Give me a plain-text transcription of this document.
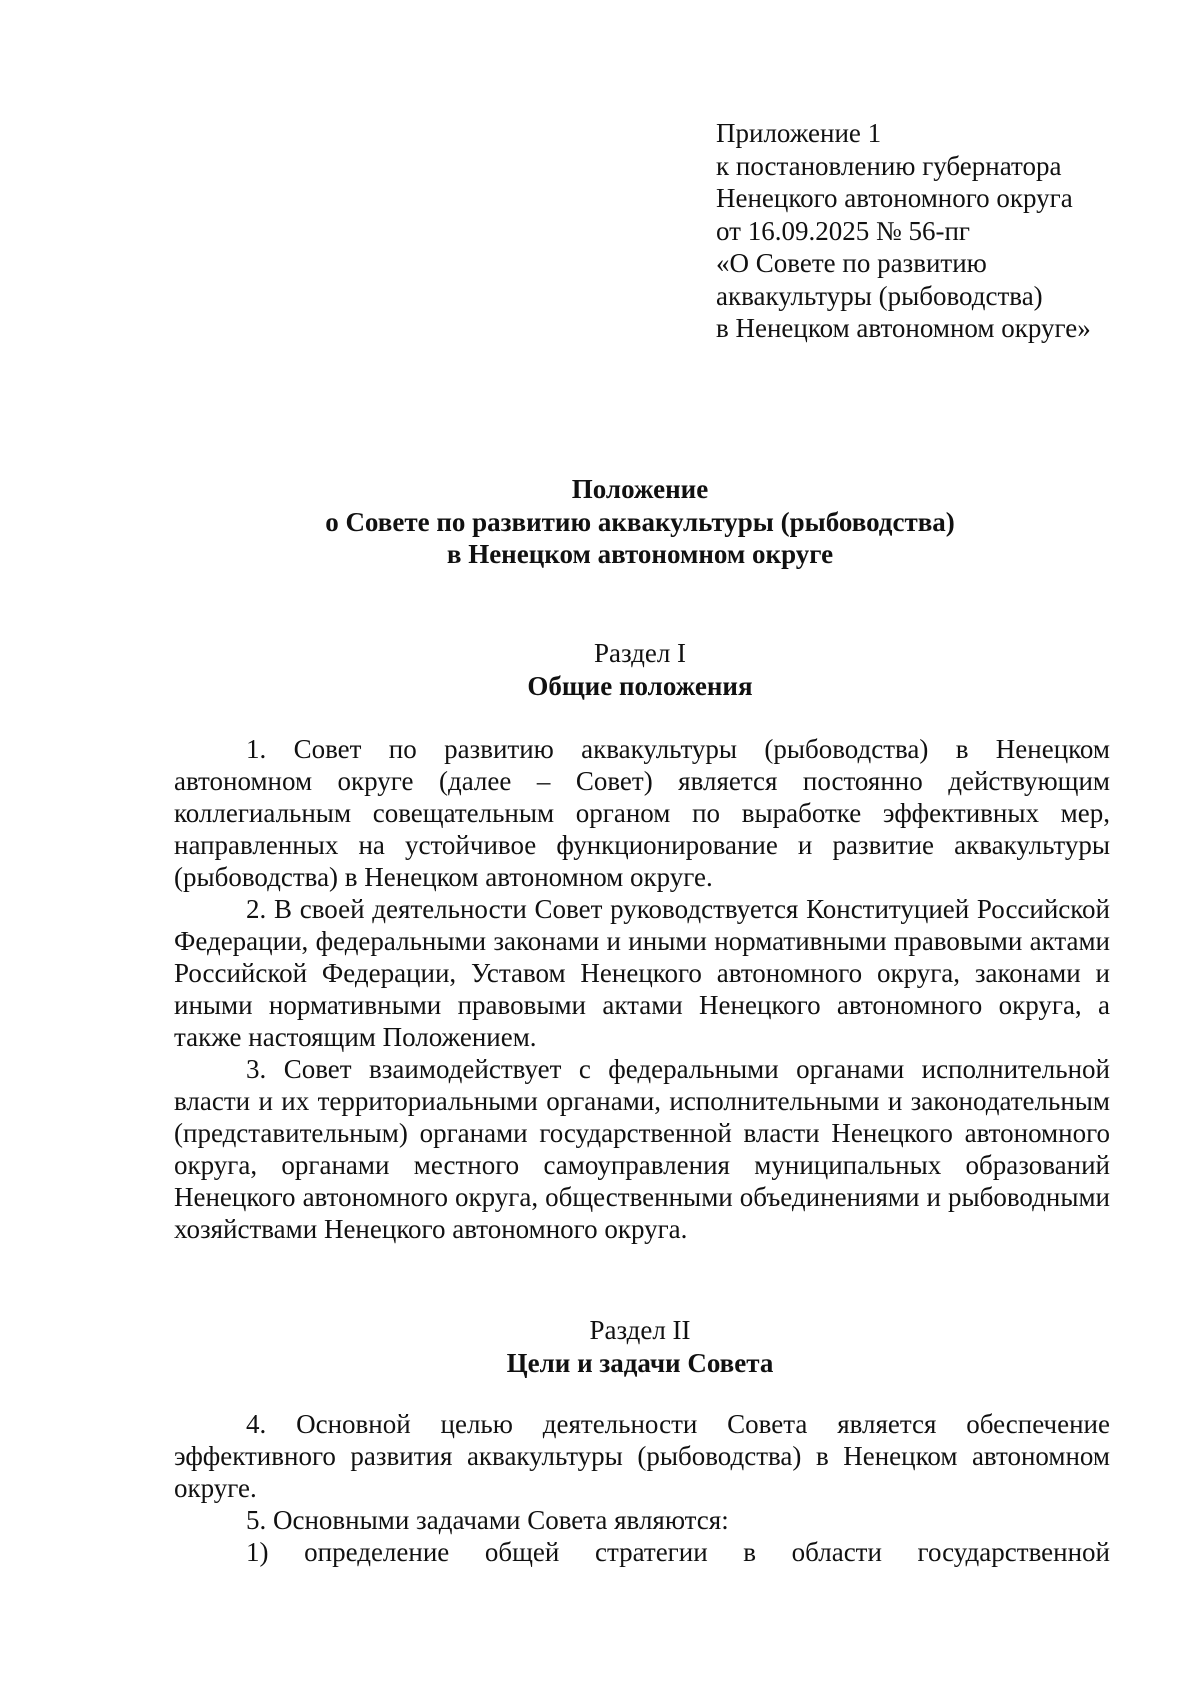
Приложение 1
к постановлению губернатора
Ненецкого автономного округа
от 16.09.2025 № 56-пг
«О Совете по развитию
аквакультуры (рыбоводства)
в Ненецком автономном округе»
Положение
о Совете по развитию аквакультуры (рыбоводства)
в Ненецком автономном округе
Раздел I
Общие положения

1. Совет по развитию аквакультуры (рыбоводства) в Ненецком автономном округе (далее – Совет) является постоянно действующим коллегиальным совещательным органом по выработке эффективных мер, направленных на устойчивое функционирование и развитие аквакультуры (рыбоводства) в Ненецком автономном округе.

2. В своей деятельности Совет руководствуется Конституцией Российской Федерации, федеральными законами и иными нормативными правовыми актами Российской Федерации, Уставом Ненецкого автономного округа, законами и иными нормативными правовыми актами Ненецкого автономного округа, а также настоящим Положением.

3. Совет взаимодействует с федеральными органами исполнительной власти и их территориальными органами, исполнительными и законодательным (представительным) органами государственной власти Ненецкого автономного округа, органами местного самоуправления муниципальных образований Ненецкого автономного округа, общественными объединениями и рыбоводными хозяйствами Ненецкого автономного округа.

Раздел II
Цели и задачи Совета

4. Основной целью деятельности Совета является обеспечение эффективного развития аквакультуры (рыбоводства) в Ненецком автономном округе.

5. Основными задачами Совета являются:

1) определение общей стратегии в области государственной
